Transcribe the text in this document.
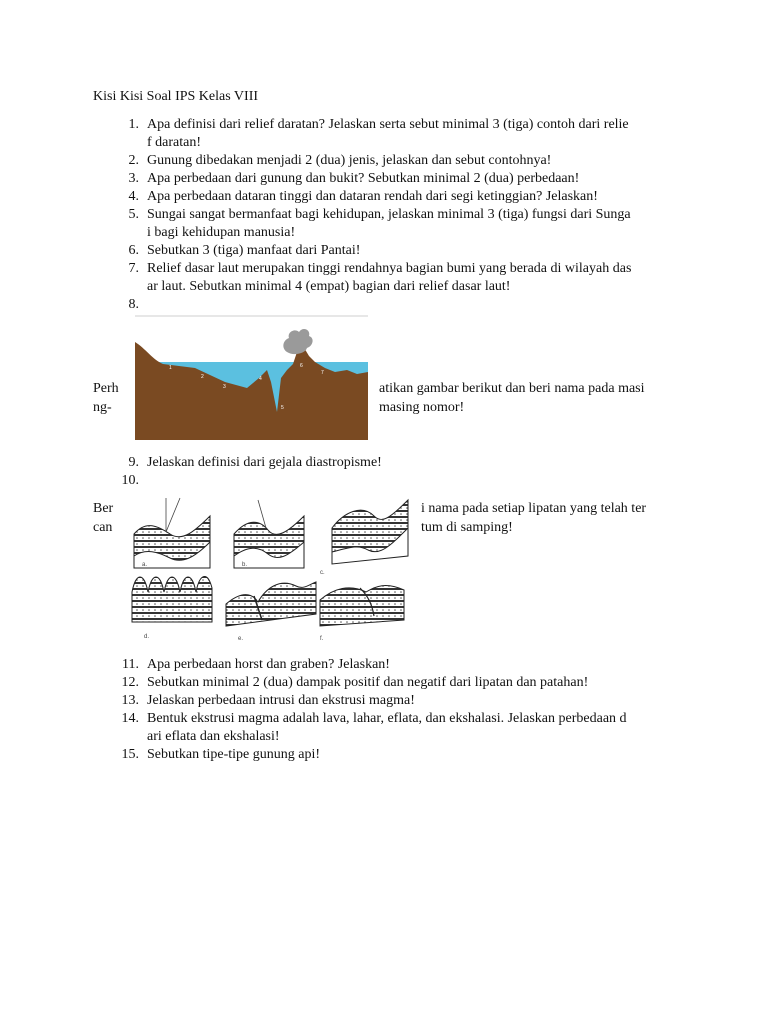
Kisi Kisi Soal IPS Kelas VIII
1. Apa definisi dari relief daratan? Jelaskan serta sebut minimal 3 (tiga) contoh dari relie
f daratan!
2. Gunung dibedakan menjadi 2 (dua) jenis, jelaskan dan sebut contohnya!
3. Apa perbedaan dari gunung dan bukit? Sebutkan minimal 2 (dua) perbedaan!
4. Apa perbedaan dataran tinggi dan dataran rendah dari segi ketinggian? Jelaskan!
5. Sungai sangat bermanfaat bagi kehidupan, jelaskan minimal 3 (tiga) fungsi dari Sunga
i bagi kehidupan manusia!
6. Sebutkan 3 (tiga) manfaat dari Pantai!
7. Relief dasar laut merupakan tinggi rendahnya bagian bumi yang berada di wilayah das
ar laut. Sebutkan minimal 4 (empat) bagian dari relief dasar laut!
8.
Perh
ng-
atikan gambar berikut dan beri nama pada masi
masing nomor!
1
2
3
4
5
6
7
9. Jelaskan definisi dari gejala diastropisme!
10.
Ber
can
i nama pada setiap lipatan yang telah ter
tum di samping!
a.	b.
c.
d.	e.	f.
11. Apa perbedaan horst dan graben? Jelaskan!
12. Sebutkan minimal 2 (dua) dampak positif dan negatif dari lipatan dan patahan!
13. Jelaskan perbedaan intrusi dan ekstrusi magma!
14. Bentuk ekstrusi magma adalah lava, lahar, eflata, dan ekshalasi. Jelaskan perbedaan d
ari eflata dan ekshalasi!
15. Sebutkan tipe-tipe gunung api!
